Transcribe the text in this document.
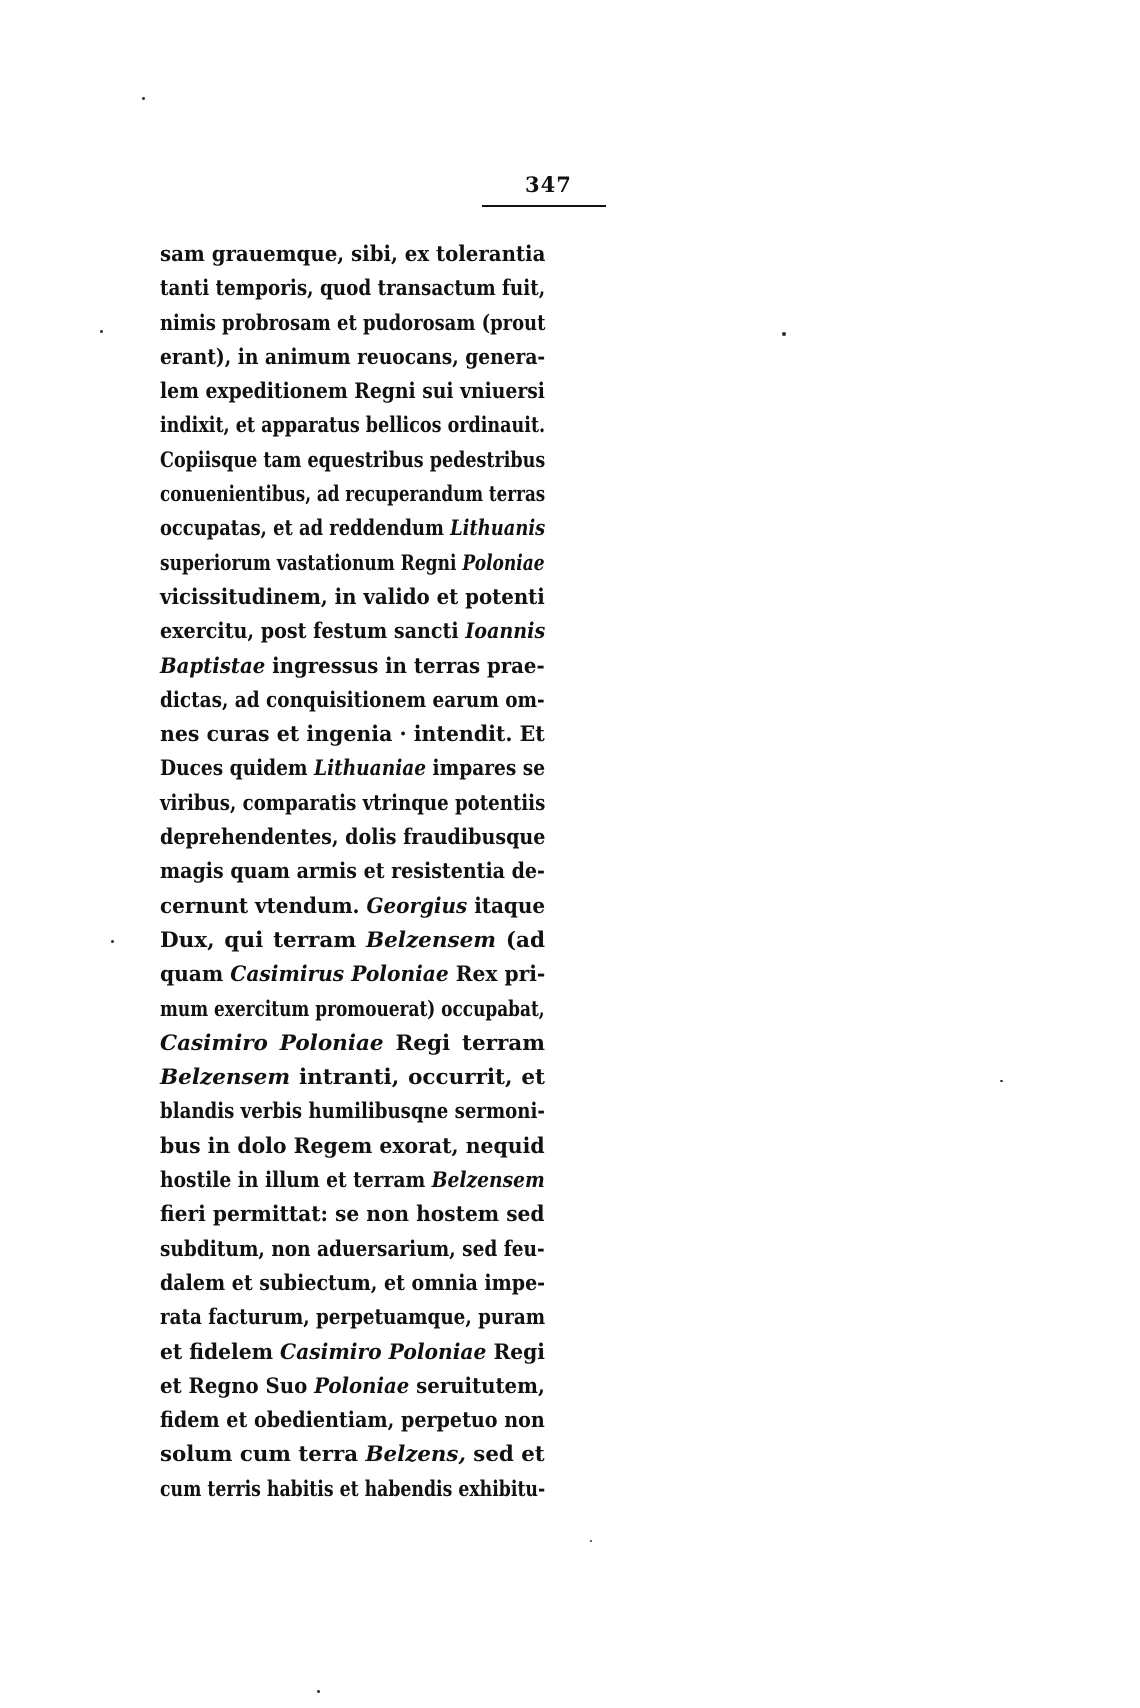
347
sam grauemque, sibi, ex tolerantia
tanti temporis, quod transactum fuit,
nimis probrosam et pudorosam (prout
erant), in animum reuocans, genera-
lem expeditionem Regni sui vniuersi
indixit, et apparatus bellicos ordinauit.
Copiisque tam equestribus pedestribus
conuenientibus, ad recuperandum terras
occupatas, et ad reddendum Lithuanis
superiorum vastationum Regni Poloniae
vicissitudinem, in valido et potenti
exercitu, post festum sancti Ioannis
Baptistae ingressus in terras prae-
dictas, ad conquisitionem earum om-
nes curas et ingenia · intendit. Et
Duces quidem Lithuaniae impares se
viribus, comparatis vtrinque potentiis
deprehendentes, dolis fraudibusque
magis quam armis et resistentia de-
cernunt vtendum. Georgius itaque
Dux, qui terram Belzensem (ad
quam Casimirus Poloniae Rex pri-
mum exercitum promouerat) occupabat,
Casimiro Poloniae Regi terram
Belzensem intranti, occurrit, et
blandis verbis humilibusqne sermoni-
bus in dolo Regem exorat, nequid
hostile in illum et terram Belzensem
fieri permittat: se non hostem sed
subditum, non aduersarium, sed feu-
dalem et subiectum, et omnia impe-
rata facturum, perpetuamque, puram
et fidelem Casimiro Poloniae Regi
et Regno Suo Poloniae seruitutem,
fidem et obedientiam, perpetuo non
solum cum terra Belzens, sed et
cum terris habitis et habendis exhibitu-
